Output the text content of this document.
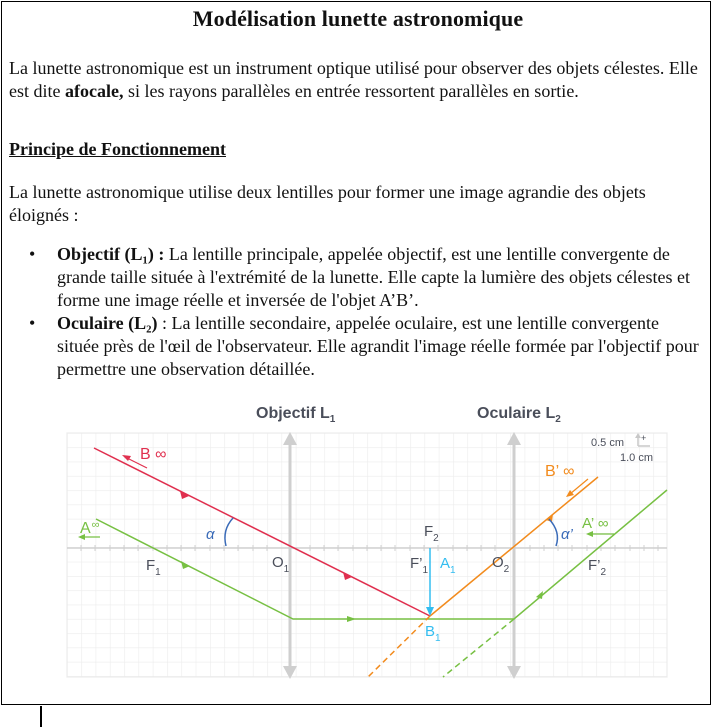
Modélisation lunette astronomique
La lunette astronomique est un instrument optique utilisé pour observer des objets célestes. Elle est dite afocale, si les rayons parallèles en entrée ressortent parallèles en sortie.
Principe de Fonctionnement
La lunette astronomique utilise deux lentilles pour former une image agrandie des objets éloignés :
• Objectif (L₁) : La lentille principale, appelée objectif, est une lentille convergente de grande taille située à l'extrémité de la lunette. Elle capte la lumière des objets célestes et forme une image réelle et inversée de l'objet A’B’.
• Oculaire (L₂) : La lentille secondaire, appelée oculaire, est une lentille convergente située près de l'œil de l'observateur. Elle agrandit l'image réelle formée par l'objectif pour permettre une observation détaillée.
Objectif $L_1$	Oculaire $L_2$
0.5 cm
1.0 cm
+
B ∞
A∞
B’ ∞
α	α’
A’ ∞
$F_1$
$O_1$
$F_2$
$F’_1$ $A_1$ $O_2$	$F’_2$
$B_1$
